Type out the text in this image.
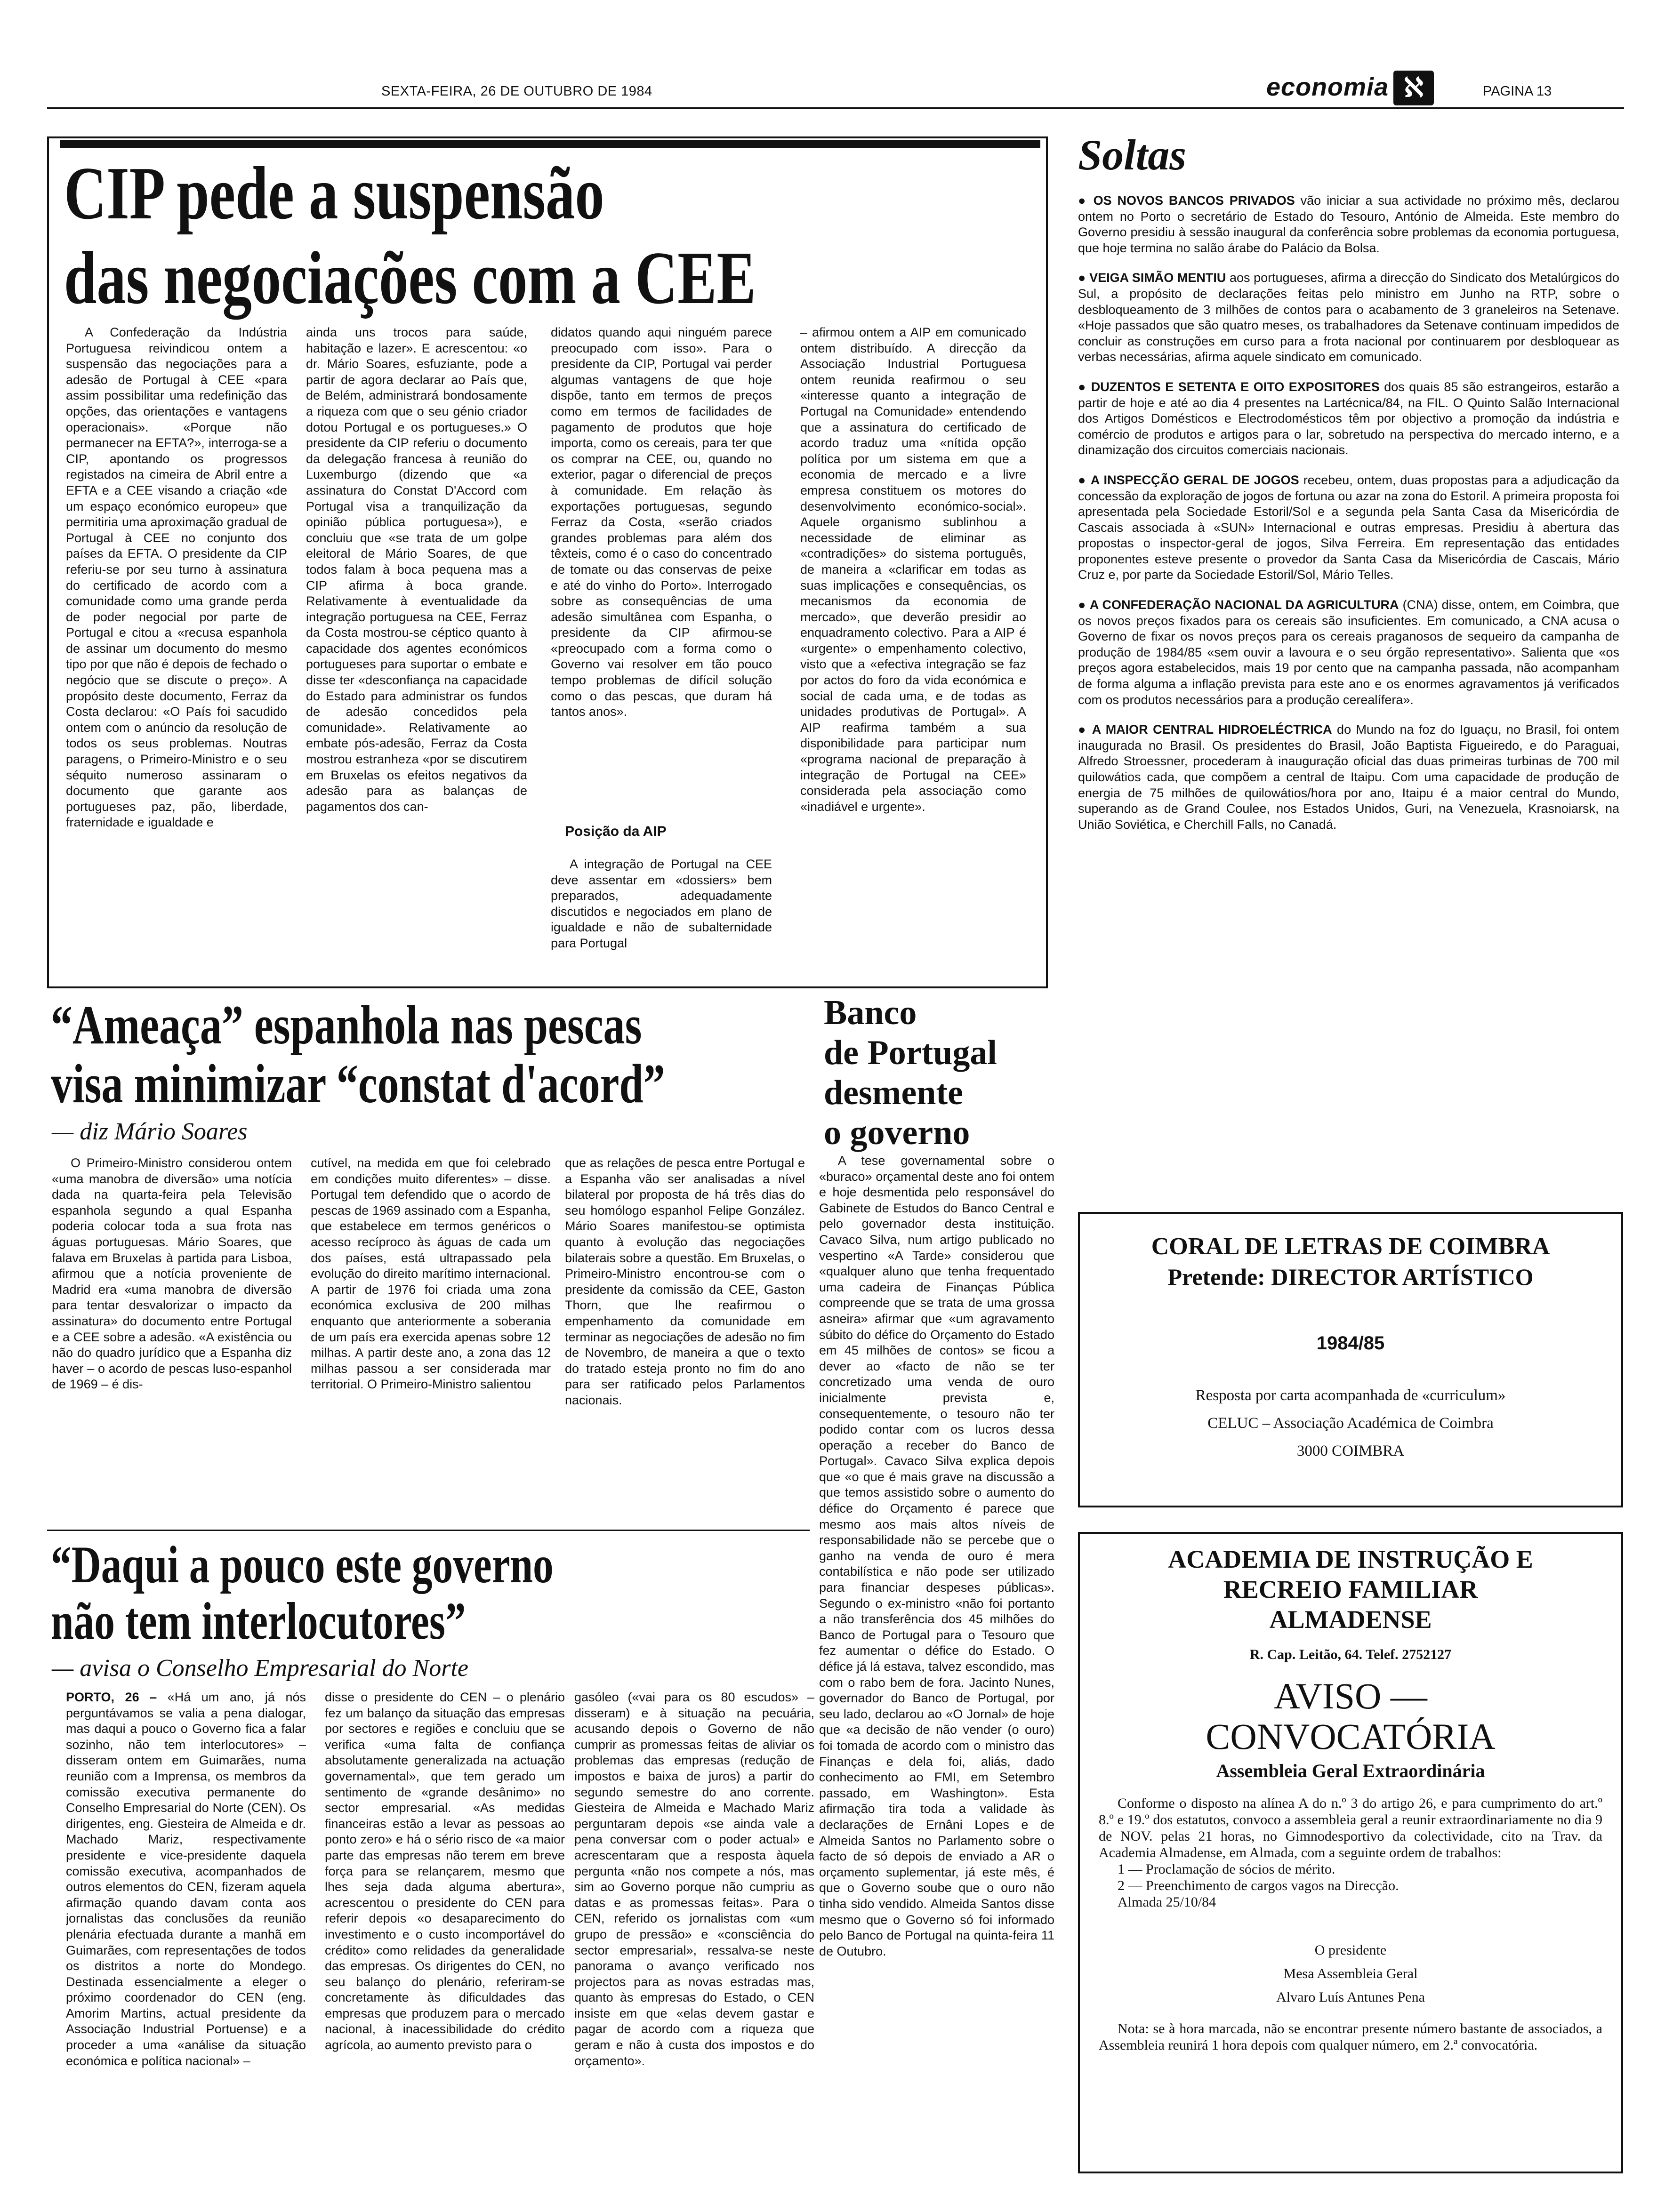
SEXTA-FEIRA, 26 DE OUTUBRO DE 1984	economia ℵ	PAGINA 13
CIP pede a suspensão
das negociações com a CEE

A Confederação da Indústria Portuguesa reivindicou ontem a suspensão das negociações para a adesão de Portugal à CEE «para assim possibilitar uma redefinição das opções, das orientações e vantagens operacionais». «Porque não permanecer na EFTA?», interroga-se a CIP, apontando os progressos registados na cimeira de Abril entre a EFTA e a CEE visando a criação «de um espaço económico europeu» que permitiria uma aproximação gradual de Portugal à CEE no conjunto dos países da EFTA. O presidente da CIP referiu-se por seu turno à assinatura do certificado de acordo com a comunidade como uma grande perda de poder negocial por parte de Portugal e citou a «recusa espanhola de assinar um documento do mesmo tipo por que não é depois de fechado o negócio que se discute o preço». A propósito deste documento, Ferraz da Costa declarou: «O País foi sacudido ontem com o anúncio da resolução de todos os seus problemas. Noutras paragens, o Primeiro-Ministro e o seu séquito numeroso assinaram o documento que garante aos portugueses paz, pão, liberdade, fraternidade e igualdade e

ainda uns trocos para saúde, habitação e lazer». E acrescentou: «o dr. Mário Soares, esfuziante, pode a partir de agora declarar ao País que, de Belém, administrará bondosamente a riqueza com que o seu génio criador dotou Portugal e os portugueses.» O presidente da CIP referiu o documento da delegação francesa à reunião do Luxemburgo (dizendo que «a assinatura do Constat D'Accord com Portugal visa a tranquilização da opinião pública portuguesa»), e concluiu que «se trata de um golpe eleitoral de Mário Soares, de que todos falam à boca pequena mas a CIP afirma à boca grande. Relativamente à eventualidade da integração portuguesa na CEE, Ferraz da Costa mostrou-se céptico quanto à capacidade dos agentes económicos portugueses para suportar o embate e disse ter «desconfiança na capacidade do Estado para administrar os fundos de adesão concedidos pela comunidade». Relativamente ao embate pós-adesão, Ferraz da Costa mostrou estranheza «por se discutirem em Bruxelas os efeitos negativos da adesão para as balanças de pagamentos dos can-

didatos quando aqui ninguém parece preocupado com isso». Para o presidente da CIP, Portugal vai perder algumas vantagens de que hoje dispõe, tanto em termos de preços como em termos de facilidades de pagamento de produtos que hoje importa, como os cereais, para ter que os comprar na CEE, ou, quando no exterior, pagar o diferencial de preços à comunidade. Em relação às exportações portuguesas, segundo Ferraz da Costa, «serão criados grandes problemas para além dos têxteis, como é o caso do concentrado de tomate ou das conservas de peixe e até do vinho do Porto». Interrogado sobre as consequências de uma adesão simultânea com Espanha, o presidente da CIP afirmou-se «preocupado com a forma como o Governo vai resolver em tão pouco tempo problemas de difícil solução como o das pescas, que duram há tantos anos».

Posição da AIP

A integração de Portugal na CEE deve assentar em «dossiers» bem preparados, adequadamente discutidos e negociados em plano de igualdade e não de subalternidade para Portugal

– afirmou ontem a AIP em comunicado ontem distribuído. A direcção da Associação Industrial Portuguesa ontem reunida reafirmou o seu «interesse quanto a integração de Portugal na Comunidade» entendendo que a assinatura do certificado de acordo traduz uma «nítida opção política por um sistema em que a economia de mercado e a livre empresa constituem os motores do desenvolvimento económico-social». Aquele organismo sublinhou a necessidade de eliminar as «contradições» do sistema português, de maneira a «clarificar em todas as suas implicações e consequências, os mecanismos da economia de mercado», que deverão presidir ao enquadramento colectivo. Para a AIP é «urgente» o empenhamento colectivo, visto que a «efectiva integração se faz por actos do foro da vida económica e social de cada uma, e de todas as unidades produtivas de Portugal». A AIP reafirma também a sua disponibilidade para participar num «programa nacional de preparação à integração de Portugal na CEE» considerada pela associação como «inadiável e urgente».

Soltas

● OS NOVOS BANCOS PRIVADOS vão iniciar a sua actividade no próximo mês, declarou ontem no Porto o secretário de Estado do Tesouro, António de Almeida. Este membro do Governo presidiu à sessão inaugural da conferência sobre problemas da economia portuguesa, que hoje termina no salão árabe do Palácio da Bolsa.

● VEIGA SIMÃO MENTIU aos portugueses, afirma a direcção do Sindicato dos Metalúrgicos do Sul, a propósito de declarações feitas pelo ministro em Junho na RTP, sobre o desbloqueamento de 3 milhões de contos para o acabamento de 3 graneleiros na Setenave. «Hoje passados que são quatro meses, os trabalhadores da Setenave continuam impedidos de concluir as construções em curso para a frota nacional por continuarem por desbloquear as verbas necessárias, afirma aquele sindicato em comunicado.

● DUZENTOS E SETENTA E OITO EXPOSITORES dos quais 85 são estrangeiros, estarão a partir de hoje e até ao dia 4 presentes na Lartécnica/84, na FIL. O Quinto Salão Internacional dos Artigos Domésticos e Electrodomésticos têm por objectivo a promoção da indústria e comércio de produtos e artigos para o lar, sobretudo na perspectiva do mercado interno, e a dinamização dos circuitos comerciais nacionais.

● A INSPECÇÃO GERAL DE JOGOS recebeu, ontem, duas propostas para a adjudicação da concessão da exploração de jogos de fortuna ou azar na zona do Estoril. A primeira proposta foi apresentada pela Sociedade Estoril/Sol e a segunda pela Santa Casa da Misericórdia de Cascais associada à «SUN» Internacional e outras empresas. Presidiu à abertura das propostas o inspector-geral de jogos, Silva Ferreira. Em representação das entidades proponentes esteve presente o provedor da Santa Casa da Misericórdia de Cascais, Mário Cruz e, por parte da Sociedade Estoril/Sol, Mário Telles.

● A CONFEDERAÇÃO NACIONAL DA AGRICULTURA (CNA) disse, ontem, em Coimbra, que os novos preços fixados para os cereais são insuficientes. Em comunicado, a CNA acusa o Governo de fixar os novos preços para os cereais praganosos de sequeiro da campanha de produção de 1984/85 «sem ouvir a lavoura e o seu órgão representativo». Salienta que «os preços agora estabelecidos, mais 19 por cento que na campanha passada, não acompanham de forma alguma a inflação prevista para este ano e os enormes agravamentos já verificados com os produtos necessários para a produção cerealífera».

● A MAIOR CENTRAL HIDROELÉCTRICA do Mundo na foz do Iguaçu, no Brasil, foi ontem inaugurada no Brasil. Os presidentes do Brasil, João Baptista Figueiredo, e do Paraguai, Alfredo Stroessner, procederam à inauguração oficial das duas primeiras turbinas de 700 mil quilowátios cada, que compõem a central de Itaipu. Com uma capacidade de produção de energia de 75 milhões de quilowátios/hora por ano, Itaipu é a maior central do Mundo, superando as de Grand Coulee, nos Estados Unidos, Guri, na Venezuela, Krasnoiarsk, na União Soviética, e Cherchill Falls, no Canadá.

“Ameaça” espanhola nas pescas
visa minimizar “constat d'acord”
— diz Mário Soares

O Primeiro-Ministro considerou ontem «uma manobra de diversão» uma notícia dada na quarta-feira pela Televisão espanhola segundo a qual Espanha poderia colocar toda a sua frota nas águas portuguesas. Mário Soares, que falava em Bruxelas à partida para Lisboa, afirmou que a notícia proveniente de Madrid era «uma manobra de diversão para tentar desvalorizar o impacto da assinatura» do documento entre Portugal e a CEE sobre a adesão. «A existência ou não do quadro jurídico que a Espanha diz haver – o acordo de pescas luso-espanhol de 1969 – é dis-

cutível, na medida em que foi celebrado em condições muito diferentes» – disse. Portugal tem defendido que o acordo de pescas de 1969 assinado com a Espanha, que estabelece em termos genéricos o acesso recíproco às águas de cada um dos países, está ultrapassado pela evolução do direito marítimo internacional. A partir de 1976 foi criada uma zona económica exclusiva de 200 milhas enquanto que anteriormente a soberania de um país era exercida apenas sobre 12 milhas. A partir deste ano, a zona das 12 milhas passou a ser considerada mar territorial. O Primeiro-Ministro salientou

que as relações de pesca entre Portugal e a Espanha vão ser analisadas a nível bilateral por proposta de há três dias do seu homólogo espanhol Felipe González. Mário Soares manifestou-se optimista quanto à evolução das negociações bilaterais sobre a questão. Em Bruxelas, o Primeiro-Ministro encontrou-se com o presidente da comissão da CEE, Gaston Thorn, que lhe reafirmou o empenhamento da comunidade em terminar as negociações de adesão no fim de Novembro, de maneira a que o texto do tratado esteja pronto no fim do ano para ser ratificado pelos Parlamentos nacionais.

Banco
de Portugal
desmente
o governo

A tese governamental sobre o «buraco» orçamental deste ano foi ontem e hoje desmentida pelo responsável do Gabinete de Estudos do Banco Central e pelo governador desta instituição. Cavaco Silva, num artigo publicado no vespertino «A Tarde» considerou que «qualquer aluno que tenha frequentado uma cadeira de Finanças Pública compreende que se trata de uma grossa asneira» afirmar que «um agravamento súbito do défice do Orçamento do Estado em 45 milhões de contos» se ficou a dever ao «facto de não se ter concretizado uma venda de ouro inicialmente prevista e, consequentemente, o tesouro não ter podido contar com os lucros dessa operação a receber do Banco de Portugal». Cavaco Silva explica depois que «o que é mais grave na discussão a que temos assistido sobre o aumento do défice do Orçamento é parece que mesmo aos mais altos níveis de responsabilidade não se percebe que o ganho na venda de ouro é mera contabilística e não pode ser utilizado para financiar despeses públicas». Segundo o ex-ministro «não foi portanto a não transferência dos 45 milhões do Banco de Portugal para o Tesouro que fez aumentar o défice do Estado. O défice já lá estava, talvez escondido, mas com o rabo bem de fora. Jacinto Nunes, governador do Banco de Portugal, por seu lado, declarou ao «O Jornal» de hoje que «a decisão de não vender (o ouro) foi tomada de acordo com o ministro das Finanças e dela foi, aliás, dado conhecimento ao FMI, em Setembro passado, em Washington». Esta afirmação tira toda a validade às declarações de Ernâni Lopes e de Almeida Santos no Parlamento sobre o facto de só depois de enviado a AR o orçamento suplementar, já este mês, é que o Governo soube que o ouro não tinha sido vendido. Almeida Santos disse mesmo que o Governo só foi informado pelo Banco de Portugal na quinta-feira 11 de Outubro.

“Daqui a pouco este governo
não tem interlocutores”
— avisa o Conselho Empresarial do Norte

PORTO, 26 – «Há um ano, já nós perguntávamos se valia a pena dialogar, mas daqui a pouco o Governo fica a falar sozinho, não tem interlocutores» – disseram ontem em Guimarães, numa reunião com a Imprensa, os membros da comissão executiva permanente do Conselho Empresarial do Norte (CEN). Os dirigentes, eng. Giesteira de Almeida e dr. Machado Mariz, respectivamente presidente e vice-presidente daquela comissão executiva, acompanhados de outros elementos do CEN, fizeram aquela afirmação quando davam conta aos jornalistas das conclusões da reunião plenária efectuada durante a manhã em Guimarães, com representações de todos os distritos a norte do Mondego. Destinada essencialmente a eleger o próximo coordenador do CEN (eng. Amorim Martins, actual presidente da Associação Industrial Portuense) e a proceder a uma «análise da situação económica e política nacional» –

disse o presidente do CEN – o plenário fez um balanço da situação das empresas por sectores e regiões e concluiu que se verifica «uma falta de confiança absolutamente generalizada na actuação governamental», que tem gerado um sentimento de «grande desânimo» no sector empresarial. «As medidas financeiras estão a levar as pessoas ao ponto zero» e há o sério risco de «a maior parte das empresas não terem em breve força para se relançarem, mesmo que lhes seja dada alguma abertura», acrescentou o presidente do CEN para referir depois «o desaparecimento do investimento e o custo incomportável do crédito» como relidades da generalidade das empresas. Os dirigentes do CEN, no seu balanço do plenário, referiram-se concretamente às dificuldades das empresas que produzem para o mercado nacional, à inacessibilidade do crédito agrícola, ao aumento previsto para o

gasóleo («vai para os 80 escudos» – disseram) e à situação na pecuária, acusando depois o Governo de não cumprir as promessas feitas de aliviar os problemas das empresas (redução de impostos e baixa de juros) a partir do segundo semestre do ano corrente. Giesteira de Almeida e Machado Mariz perguntaram depois «se ainda vale a pena conversar com o poder actual» e acrescentaram que a resposta àquela pergunta «não nos compete a nós, mas sim ao Governo porque não cumpriu as datas e as promessas feitas». Para o CEN, referido os jornalistas com «um grupo de pressão» e «consciência do sector empresarial», ressalva-se neste panorama o avanço verificado nos projectos para as novas estradas mas, quanto às empresas do Estado, o CEN insiste em que «elas devem gastar e pagar de acordo com a riqueza que geram e não à custa dos impostos e do orçamento».

CORAL DE LETRAS DE COIMBRA
Pretende: DIRECTOR ARTÍSTICO
1984/85
Resposta por carta acompanhada de «curriculum»
CELUC – Associação Académica de Coimbra
3000 COIMBRA
ACADEMIA DE INSTRUÇÃO E
RECREIO FAMILIAR
ALMADENSE
R. Cap. Leitão, 64. Telef. 2752127
AVISO —
CONVOCATÓRIA
Assembleia Geral Extraordinária

Conforme o disposto na alínea A do n.º 3 do artigo 26, e para cumprimento do art.º 8.º e 19.º dos estatutos, convoco a assembleia geral a reunir extraordinariamente no dia 9 de NOV. pelas 21 horas, no Gimnodesportivo da colectividade, cito na Trav. da Academia Almadense, em Almada, com a seguinte ordem de trabalhos:

1 — Proclamação de sócios de mérito.
2 — Preenchimento de cargos vagos na Direcção.
Almada 25/10/84
O presidente
Mesa Assembleia Geral
Alvaro Luís Antunes Pena

Nota: se à hora marcada, não se encontrar presente número bastante de associados, a Assembleia reunirá 1 hora depois com qualquer número, em 2.ª convocatória.
